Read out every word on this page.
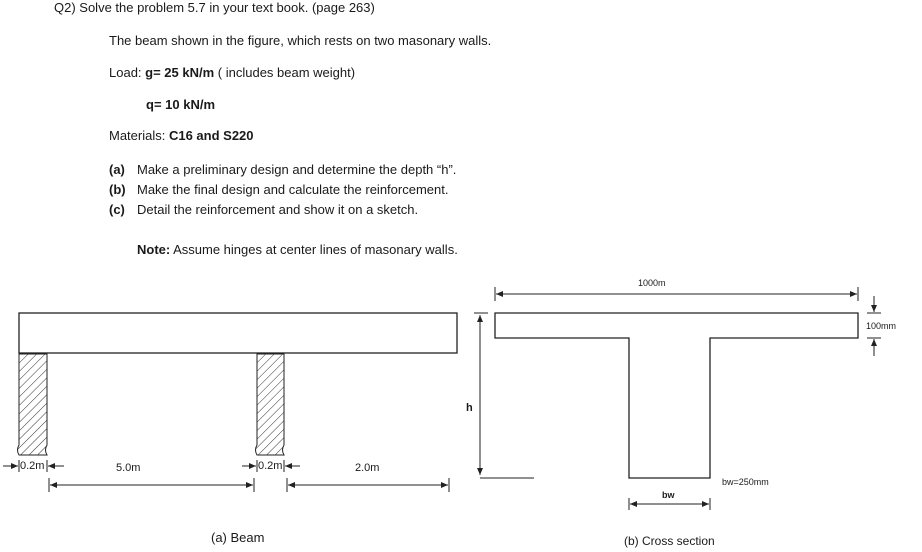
Q2) Solve the problem 5.7 in your text book. (page 263)
The beam shown in the figure, which rests on two masonary walls.
Load: g= 25 kN/m ( includes beam weight)
q= 10 kN/m
Materials: C16 and S220
(a) Make a preliminary design and determine the depth “h”.
(b) Make the final design and calculate the reinforcement.
(c) Detail the reinforcement and show it on a sketch.
Note: Assume hinges at center lines of masonary walls.
0.2m	0.2m
5.0m	2.0m
h
(a) Beam
1000m
100mm
bw
bw=250mm
(b) Cross section
